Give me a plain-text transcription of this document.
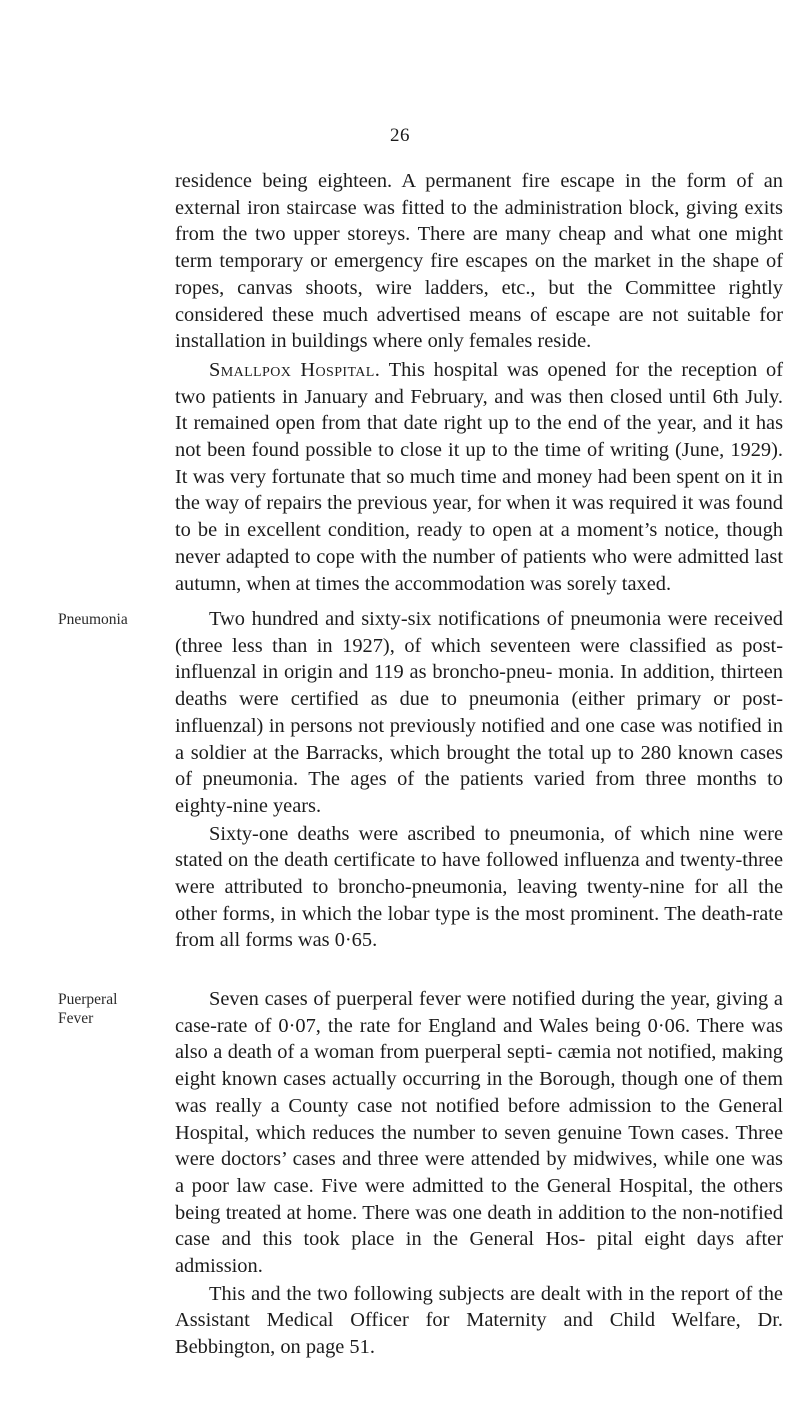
26

residence being eighteen. A permanent fire escape in the form of an external iron staircase was fitted to the administration block, giving exits from the two upper storeys. There are many cheap and what one might term temporary or emergency fire escapes on the market in the shape of ropes, canvas shoots, wire ladders, etc., but the Committee rightly considered these much advertised means of escape are not suitable for installation in buildings where only females reside.

Smallpox Hospital. This hospital was opened for the reception of two patients in January and February, and was then closed until 6th July. It remained open from that date right up to the end of the year, and it has not been found possible to close it up to the time of writing (June, 1929). It was very fortunate that so much time and money had been spent on it in the way of repairs the previous year, for when it was required it was found to be in excellent condition, ready to open at a moment’s notice, though never adapted to cope with the number of patients who were admitted last autumn, when at times the accommodation was sorely taxed.

Pneumonia	Two hundred and sixty-six notifications of pneumonia were received (three less than in 1927), of which seventeen were classified as post-influenzal in origin and 119 as broncho-pneu- monia. In addition, thirteen deaths were certified as due to pneumonia (either primary or post-influenzal) in persons not previously notified and one case was notified in a soldier at the Barracks, which brought the total up to 280 known cases of pneumonia. The ages of the patients varied from three months to eighty-nine years.

Sixty-one deaths were ascribed to pneumonia, of which nine were stated on the death certificate to have followed influenza and twenty-three were attributed to broncho-pneumonia, leaving twenty-nine for all the other forms, in which the lobar type is the most prominent. The death-rate from all forms was 0·65.

Puerperal
Fever

Seven cases of puerperal fever were notified during the year, giving a case-rate of 0·07, the rate for England and Wales being 0·06. There was also a death of a woman from puerperal septi- cæmia not notified, making eight known cases actually occurring in the Borough, though one of them was really a County case not notified before admission to the General Hospital, which reduces the number to seven genuine Town cases. Three were doctors’ cases and three were attended by midwives, while one was a poor law case. Five were admitted to the General Hospital, the others being treated at home. There was one death in addition to the non-notified case and this took place in the General Hos- pital eight days after admission.

This and the two following subjects are dealt with in the report of the Assistant Medical Officer for Maternity and Child Welfare, Dr. Bebbington, on page 51.
